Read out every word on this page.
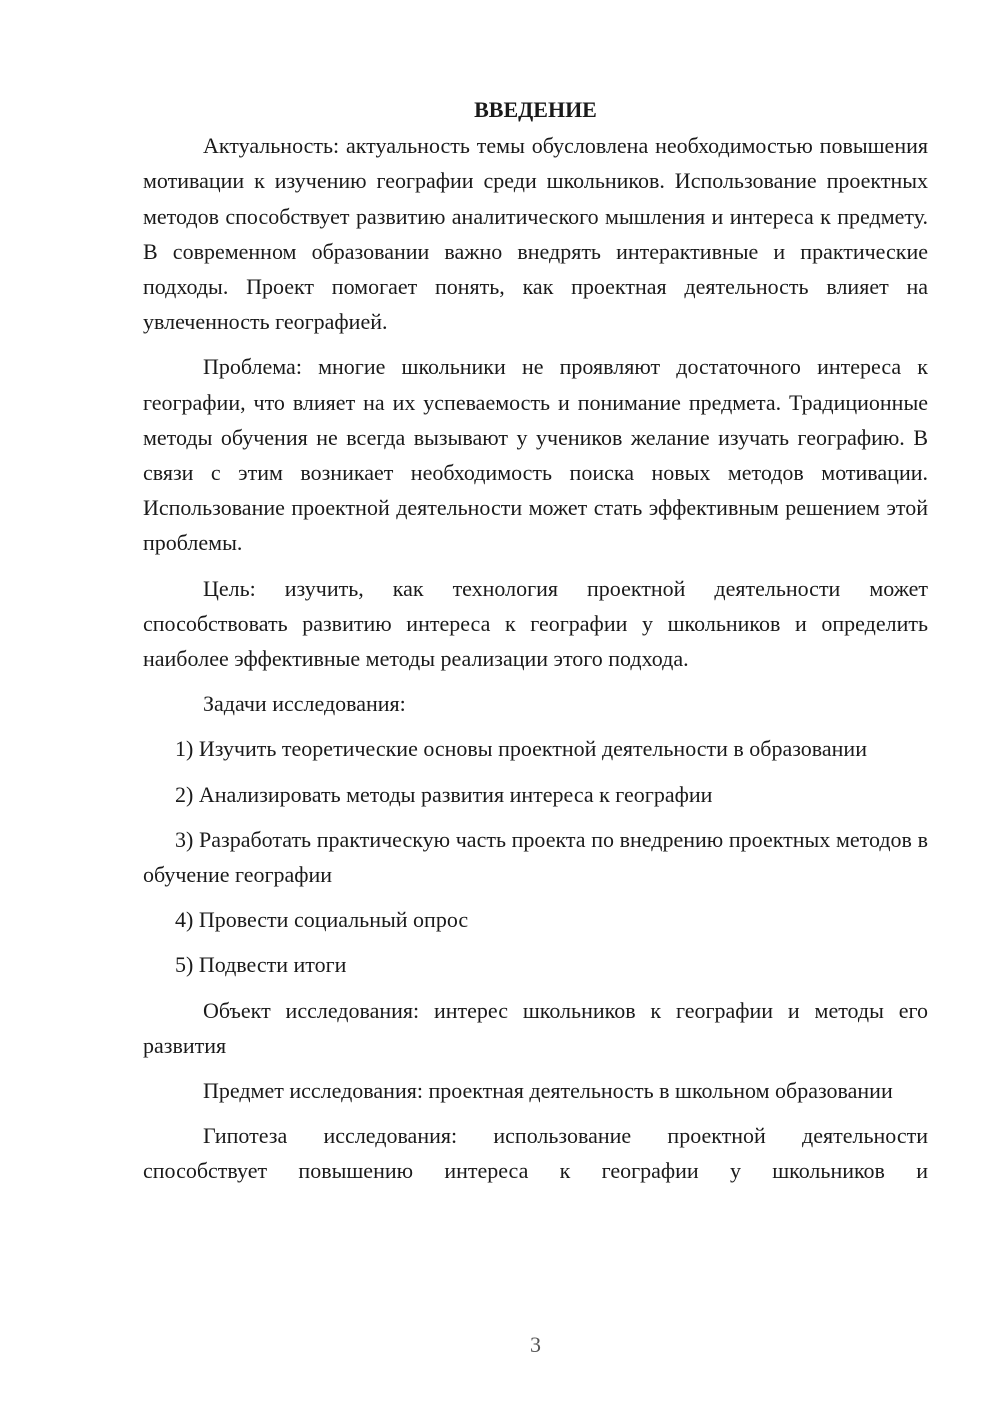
ВВЕДЕНИЕ

Актуальность: актуальность темы обусловлена необходимостью повышения мотивации к изучению географии среди школьников. Использование проектных методов способствует развитию аналитического мышления и интереса к предмету. В современном образовании важно внедрять интерактивные и практические подходы. Проект помогает понять, как проектная деятельность влияет на увлеченность географией.

Проблема: многие школьники не проявляют достаточного интереса к географии, что влияет на их успеваемость и понимание предмета. Традиционные методы обучения не всегда вызывают у учеников желание изучать географию. В связи с этим возникает необходимость поиска новых методов мотивации. Использование проектной деятельности может стать эффективным решением этой проблемы.

Цель: изучить, как технология проектной деятельности может способствовать развитию интереса к географии у школьников и определить наиболее эффективные методы реализации этого подхода.

Задачи исследования:

1) Изучить теоретические основы проектной деятельности в образовании

2) Анализировать методы развития интереса к географии

3) Разработать практическую часть проекта по внедрению проектных методов в обучение географии

4) Провести социальный опрос

5) Подвести итоги

Объект исследования: интерес школьников к географии и методы его развития

Предмет исследования: проектная деятельность в школьном образовании

Гипотеза исследования: использование проектной деятельности способствует повышению интереса к географии у школьников и

3
